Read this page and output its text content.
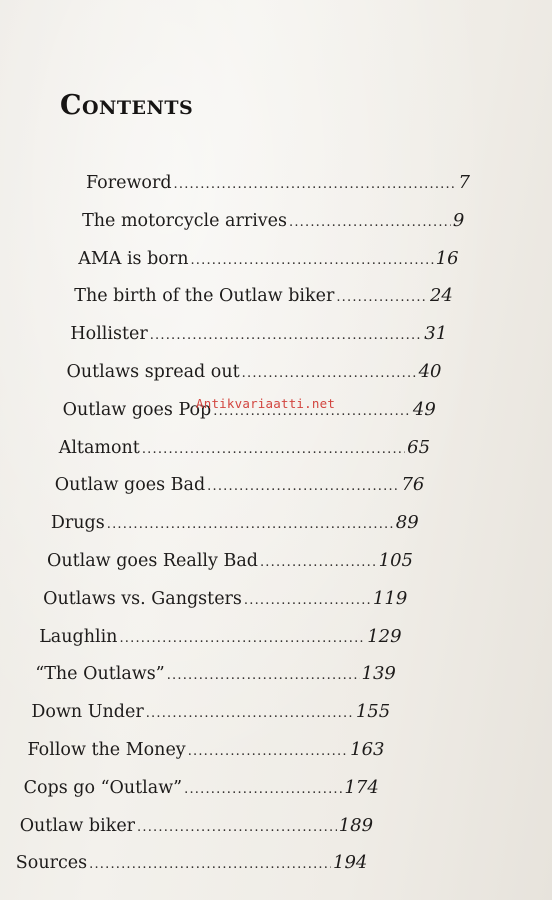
Contents
Foreword .....	7
The motorcycle arrives .....	9
AMA is born .....	16
The birth of the Outlaw biker .....	24
Hollister .....	31
Outlaws spread out .....	40
Outlaw goes Pop .....	49
Altamont .....	65
Outlaw goes Bad .....	76
Drugs .....	89
Outlaw goes Really Bad .....	105
Outlaws vs. Gangsters .....	119
Laughlin .....	129
“The Outlaws” .....	139
Down Under .....	155
Follow the Money .....	163
Cops go “Outlaw” .....	174
Outlaw biker .....	189
Sources .....	194
Antikvariaatti.net
